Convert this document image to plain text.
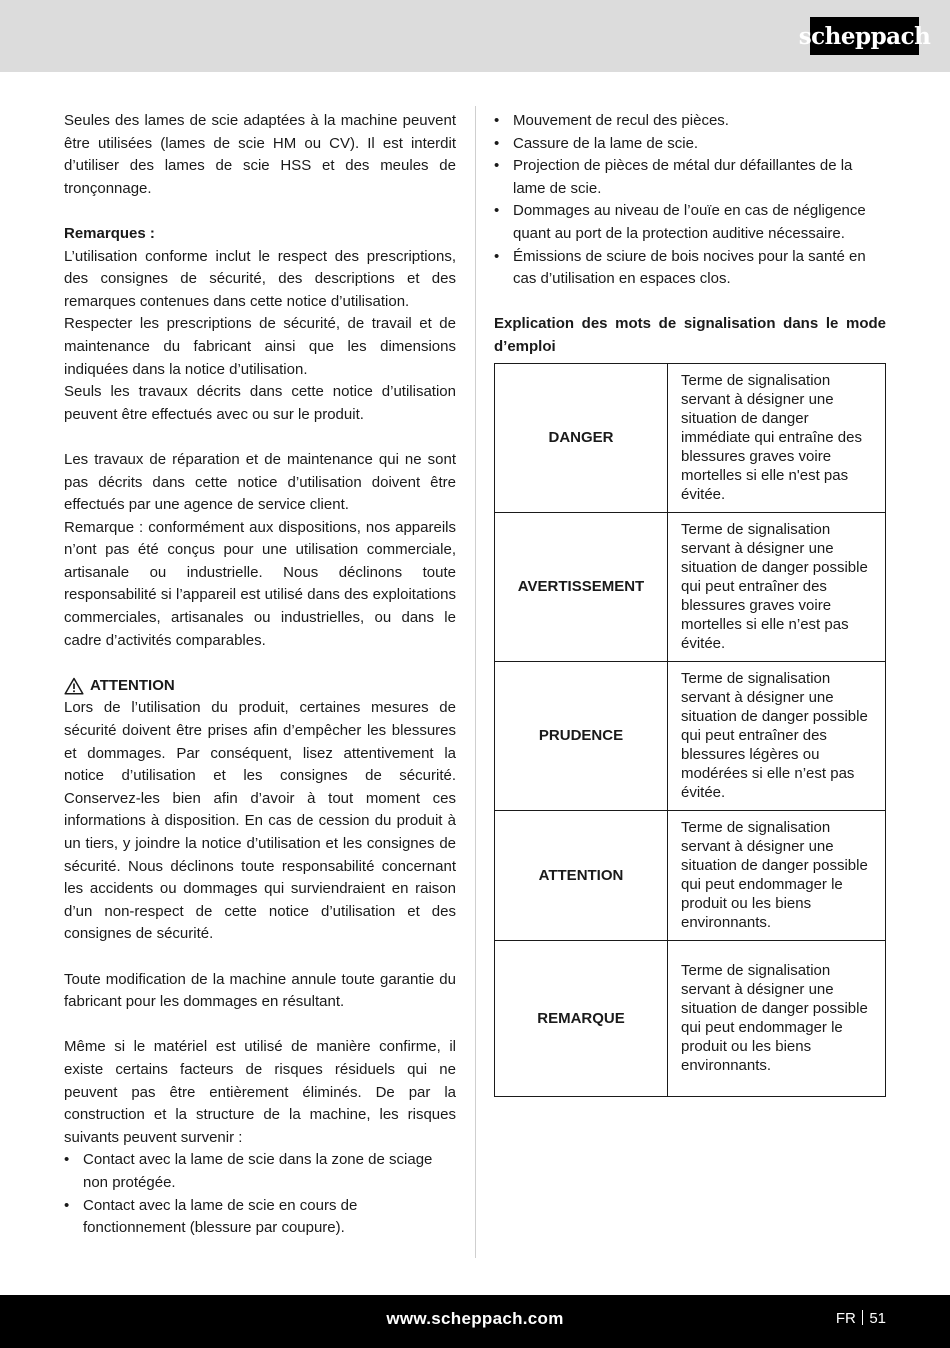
scheppach

Seules des lames de scie adaptées à la machine peuvent être utilisées (lames de scie HM ou CV). Il est interdit d’utiliser des lames de scie HSS et des meules de tronçonnage.

Remarques :

L’utilisation conforme inclut le respect des prescriptions, des consignes de sécurité, des descriptions et des remarques contenues dans cette notice d’utilisation.

Respecter les prescriptions de sécurité, de travail et de maintenance du fabricant ainsi que les dimensions indiquées dans la notice d’utilisation.

Seuls les travaux décrits dans cette notice d’utilisation peuvent être effectués avec ou sur le produit.

Les travaux de réparation et de maintenance qui ne sont pas décrits dans cette notice d’utilisation doivent être effectués par une agence de service client.

Remarque : conformément aux dispositions, nos appareils n’ont pas été conçus pour une utilisation commerciale, artisanale ou industrielle. Nous déclinons toute responsabilité si l’appareil est utilisé dans des exploitations commerciales, artisanales ou industrielles, ou dans le cadre d’activités comparables.

ATTENTION

Lors de l’utilisation du produit, certaines mesures de sécurité doivent être prises afin d’empêcher les blessures et dommages. Par conséquent, lisez attentivement la notice d’utilisation et les consignes de sécurité. Conservez-les bien afin d’avoir à tout moment ces informations à disposition. En cas de cession du produit à un tiers, y joindre la notice d’utilisation et les consignes de sécurité. Nous déclinons toute responsabilité concernant les accidents ou dommages qui surviendraient en raison d’un non-respect de cette notice d’utilisation et des consignes de sécurité.

Toute modification de la machine annule toute garantie du fabricant pour les dommages en résultant.

Même si le matériel est utilisé de manière confirme, il existe certains facteurs de risques résiduels qui ne peuvent pas être entièrement éliminés. De par la construction et la structure de la machine, les risques suivants peuvent survenir :

• Contact avec la lame de scie dans la zone de sciage non protégée.
• Contact avec la lame de scie en cours de fonctionnement (blessure par coupure).
• Mouvement de recul des pièces.
• Cassure de la lame de scie.
• Projection de pièces de métal dur défaillantes de la lame de scie.
• Dommages au niveau de l’ouïe en cas de négligence quant au port de la protection auditive nécessaire.
• Émissions de sciure de bois nocives pour la santé en cas d’utilisation en espaces clos.

Explication des mots de signalisation dans le mode d’emploi

DANGER	Terme de signalisation servant à désigner une situation de danger immédiate qui entraîne des blessures graves voire mortelles si elle n'est pas évitée.
AVERTISSEMENT	Terme de signalisation servant à désigner une situation de danger possible qui peut entraîner des blessures graves voire mortelles si elle n’est pas évitée.
PRUDENCE	Terme de signalisation servant à désigner une situation de danger possible qui peut entraîner des blessures légères ou modérées si elle n’est pas évitée.
ATTENTION	Terme de signalisation servant à désigner une situation de danger possible qui peut endommager le produit ou les biens environnants.
REMARQUE	Terme de signalisation servant à désigner une situation de danger possible qui peut endommager le produit ou les biens environnants.
www.scheppach.com	FR 51
